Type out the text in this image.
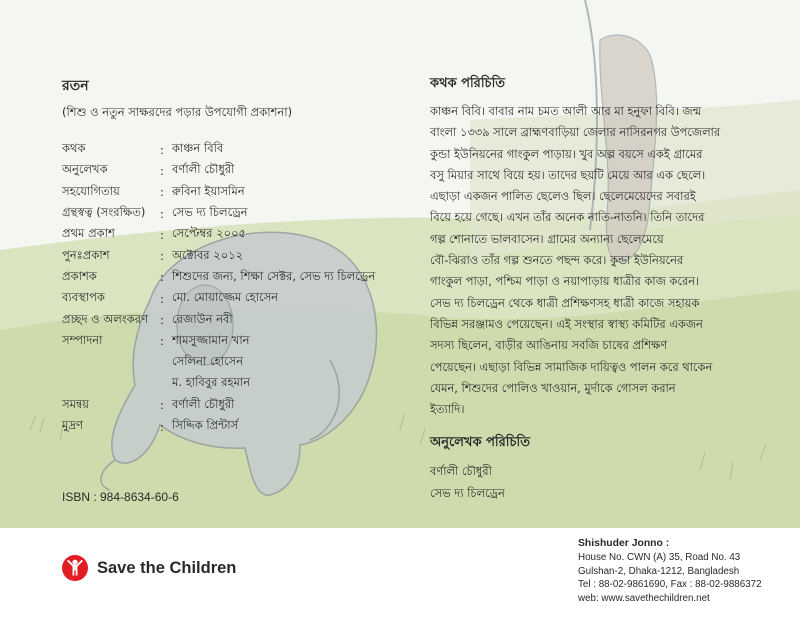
রতন
(শিশু ও নতুন সাক্ষরদের পড়ার উপযোগী প্রকাশনা)
কথক	: কাঞ্চন বিবি
অনুলেখক	: বর্ণালী চৌধুরী
সহযোগিতায়	: রুবিনা ইয়াসমিন
গ্রন্থস্বত্ব (সংরক্ষিত)	: সেভ দ্য চিলড্রেন
প্রথম প্রকাশ	: সেপ্টেম্বর ২০০৫
পুনঃপ্রকাশ	: অক্টোবর ২০১২
প্রকাশক	: শিশুদের জন্য, শিক্ষা সেক্টর, সেভ দ্য চিলড্রেন
ব্যবস্থাপক	: মো. মোয়াজ্জেম হোসেন
প্রচ্ছদ ও অলংকরণ	: রেজাউন নবী
সম্পাদনা	: শামসুজ্জামান খান
সেলিনা হোসেন
ম. হাবিবুর রহমান
সমন্বয়	: বর্ণালী চৌধুরী
মুদ্রণ	: সিদ্দিক প্রিন্টার্স
ISBN : 984-8634-60-6
কথক পরিচিতি
কাঞ্চন বিবি। বাবার নাম চমত আলী আর মা হনুফা বিবি। জন্ম
বাংলা ১৩৩৯ সালে ব্রাহ্মণবাড়িয়া জেলার নাসিরনগর উপজেলার
কুন্ডা ইউনিয়নের গাংকুল পাড়ায়। খুব অল্প বয়সে একই গ্রামের
বসু মিয়ার সাথে বিয়ে হয়। তাদের ছয়টি মেয়ে আর এক ছেলে।
এছাড়া একজন পালিত ছেলেও ছিল। ছেলেমেয়েদের সবারই
বিয়ে হয়ে গেছে। এখন তাঁর অনেক নাতি-নাতনি। তিনি তাদের
গল্প শোনাতে ভালবাসেন। গ্রামের অন্যান্য ছেলেমেয়ে
বৌ-ঝিরাও তাঁর গল্প শুনতে পছন্দ করে। কুন্ডা ইউনিয়নের
গাংকুল পাড়া, পশ্চিম পাড়া ও নয়াপাড়ায় ধাত্রীর কাজ করেন।
সেভ দ্য চিলড্রেন থেকে ধাত্রী প্রশিক্ষণসহ ধাত্রী কাজে সহায়ক
বিভিন্ন সরঞ্জামও পেয়েছেন। এই সংস্থার স্বাস্থ্য কমিটির একজন
সদস্য ছিলেন, বাড়ীর আঙিনায় সবজি চাষের প্রশিক্ষণ
পেয়েছেন। এছাড়া বিভিন্ন সামাজিক দায়িত্বও পালন করে থাকেন
যেমন, শিশুদের পোলিও খাওয়ান, মুর্দাকে গোসল করান
ইত্যাদি।
অনুলেখক পরিচিতি
বর্ণালী চৌধুরী
সেভ দ্য চিলড্রেন
Save the Children
Shishuder Jonno :
House No. CWN (A) 35, Road No. 43
Gulshan-2, Dhaka-1212, Bangladesh
Tel : 88-02-9861690, Fax : 88-02-9886372
web: www.savethechildren.net
